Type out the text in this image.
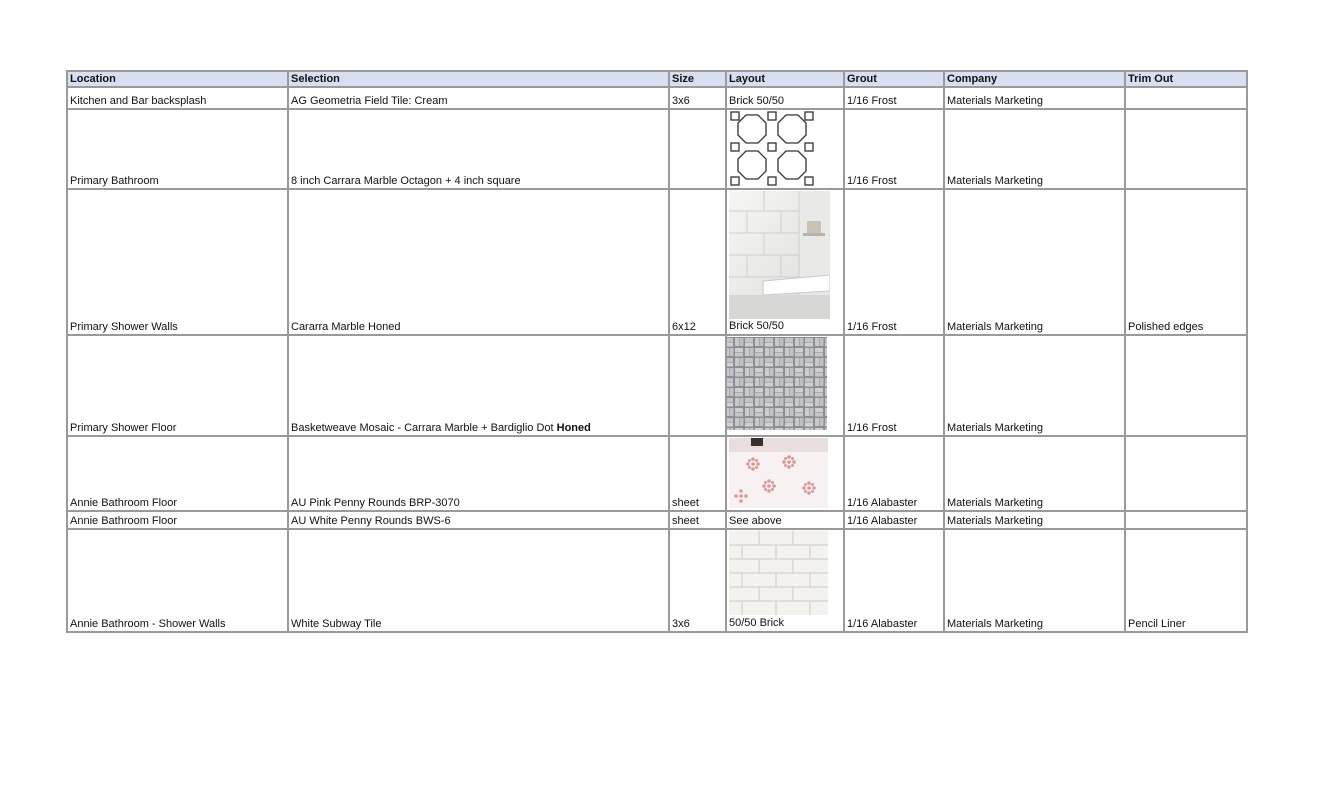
Location	Selection	Size	Layout	Grout	Company	Trim Out
Kitchen and Bar backsplash	AG Geometria Field Tile: Cream	3x6	Brick 50/50	1/16 Frost	Materials Marketing	
Primary Bathroom	8 inch Carrara Marble Octagon + 4 inch square			1/16 Frost	Materials Marketing	
Primary Shower Walls	Cararra Marble Honed	6x12	Brick 50/50	1/16 Frost	Materials Marketing	Polished edges
Primary Shower Floor	Basketweave Mosaic - Carrara Marble + Bardiglio Dot Honed			1/16 Frost	Materials Marketing	
Annie Bathroom Floor	AU Pink Penny Rounds BRP-3070	sheet		1/16 Alabaster	Materials Marketing	
Annie Bathroom Floor	AU White Penny Rounds BWS-6	sheet	See above	1/16 Alabaster	Materials Marketing	
Annie Bathroom - Shower Walls	White Subway Tile	3x6	50/50 Brick	1/16 Alabaster	Materials Marketing	Pencil Liner
